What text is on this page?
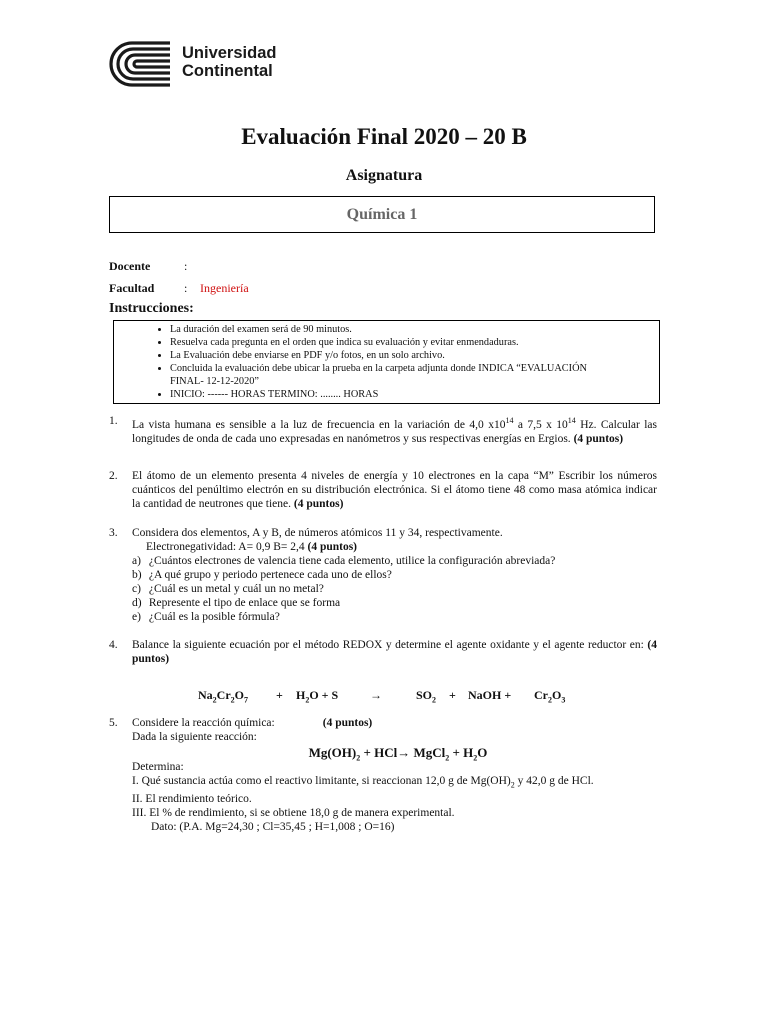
Universidad
Continental
Evaluación Final 2020 – 20 B
Asignatura
Química 1
Docente	:
Facultad : Ingeniería
Instrucciones:
• La duración del examen será de 90 minutos.
• Resuelva cada pregunta en el orden que indica su evaluación y evitar enmendaduras.
• La Evaluación debe enviarse en PDF y/o fotos, en un solo archivo.
• Concluida la evaluación debe ubicar la prueba en la carpeta adjunta donde INDICA “EVALUACIÓN
FINAL- 12-12-2020”
• INICIO: ------ HORAS TERMINO: ........ HORAS
1. La vista humana es sensible a la luz de frecuencia en la variación de 4,0 $x10^{14}$ a 7,5 x $10^{14}$ Hz. Calcular las longitudes de onda de cada uno expresadas en nanómetros y sus respectivas energías en Ergios. (4 puntos)
2. El átomo de un elemento presenta 4 niveles de energía y 10 electrones en la capa “M” Escribir los números cuánticos del penúltimo electrón en su distribución electrónica. Si el átomo tiene 48 como masa atómica indicar la cantidad de neutrones que tiene. (4 puntos)
3. Considera dos elementos, A y B, de números atómicos 11 y 34, respectivamente.
Electronegatividad: A= 0,9 B= 2,4 (4 puntos)
a) ¿Cuántos electrones de valencia tiene cada elemento, utilice la configuración abreviada?
b) ¿A qué grupo y periodo pertenece cada uno de ellos?
c) ¿Cuál es un metal y cuál un no metal?
d) Represente el tipo de enlace que se forma
e) ¿Cuál es la posible fórmula?
4. Balance la siguiente ecuación por el método REDOX y determine el agente oxidante y el agente reductor en: (4 puntos)
$Na_2Cr_2O_7 + H_2O + S$	→	$SO_2$ + NaOH + $Cr_2O_3$
5. Considere la reacción química:	(4 puntos)
Dada la siguiente reacción:
$Mg(OH)_2 + HCl\to$ MgCl$_2$ + $H_2O$
Determina:
I. Qué sustancia actúa como el reactivo limitante, si reaccionan 12,0 g de $Mg(OH)_2$ y 42,0 g de HCl.
II. El rendimiento teórico.
III. El % de rendimiento, si se obtiene 18,0 g de manera experimental.
Dato: (P.A. Mg=24,30 ; Cl=35,45 ; H=1,008 ; O=16)
